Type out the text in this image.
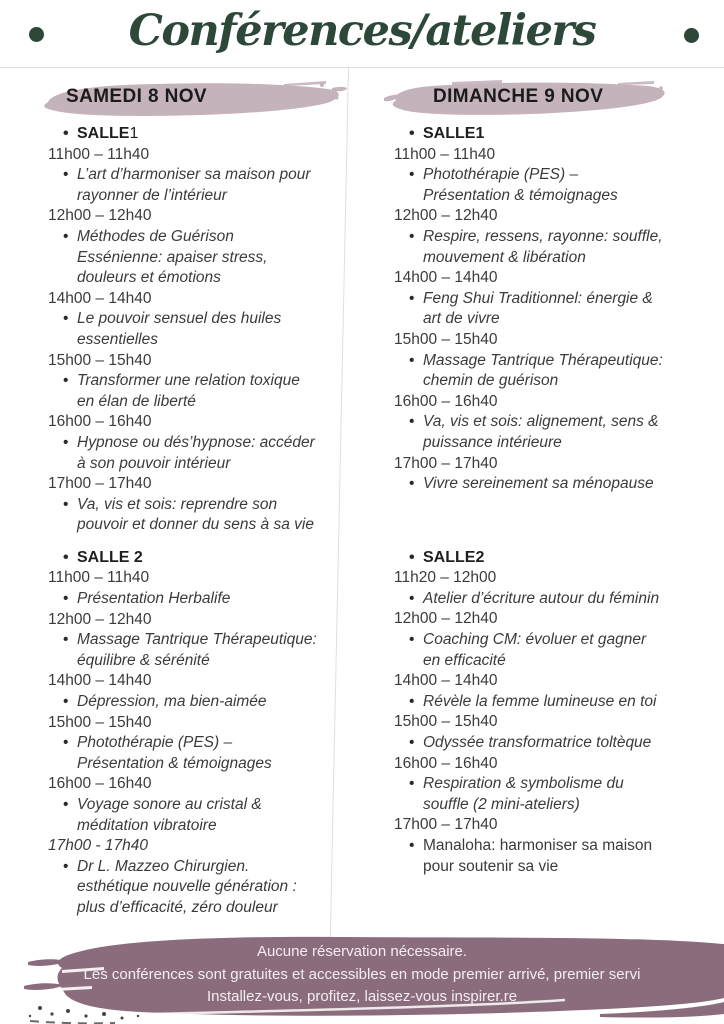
Conférences/ateliers
SAMEDI 8 NOV
• SALLE1
11h00 – 11h40
• L’art d’harmoniser sa maison pour
rayonner de l’intérieur
12h00 – 12h40
• Méthodes de Guérison
Essénienne: apaiser stress,
douleurs et émotions
14h00 – 14h40
• Le pouvoir sensuel des huiles
essentielles
15h00 – 15h40
• Transformer une relation toxique
en élan de liberté
16h00 – 16h40
• Hypnose ou dés’hypnose: accéder
à son pouvoir intérieur
17h00 – 17h40
• Va, vis et sois: reprendre son
pouvoir et donner du sens à sa vie
• SALLE 2
11h00 – 11h40
• Présentation Herbalife
12h00 – 12h40
• Massage Tantrique Thérapeutique:
équilibre & sérénité
14h00 – 14h40
• Dépression, ma bien-aimée
15h00 – 15h40
• Photothérapie (PES) –
Présentation & témoignages
16h00 – 16h40
• Voyage sonore au cristal &
méditation vibratoire
17h00 - 17h40
• Dr L. Mazzeo Chirurgien.
esthétique nouvelle génération :
plus d’efficacité, zéro douleur
DIMANCHE 9 NOV
• SALLE1
11h00 – 11h40
• Photothérapie (PES) –
Présentation & témoignages
12h00 – 12h40
• Respire, ressens, rayonne: souffle,
mouvement & libération
14h00 – 14h40
• Feng Shui Traditionnel: énergie &
art de vivre
15h00 – 15h40
• Massage Tantrique Thérapeutique:
chemin de guérison
16h00 – 16h40
• Va, vis et sois: alignement, sens &
puissance intérieure
17h00 – 17h40
• Vivre sereinement sa ménopause
• SALLE2
11h20 – 12h00
• Atelier d’écriture autour du féminin
12h00 – 12h40
• Coaching CM: évoluer et gagner
en efficacité
14h00 – 14h40
• Révèle la femme lumineuse en toi
15h00 – 15h40
• Odyssée transformatrice toltèque
16h00 – 16h40
• Respiration & symbolisme du
souffle (2 mini-ateliers)
17h00 – 17h40
• Manaloha: harmoniser sa maison
pour soutenir sa vie
Aucune réservation nécessaire.
Les conférences sont gratuites et accessibles en mode premier arrivé, premier servi
Installez-vous, profitez, laissez-vous inspirer.re
